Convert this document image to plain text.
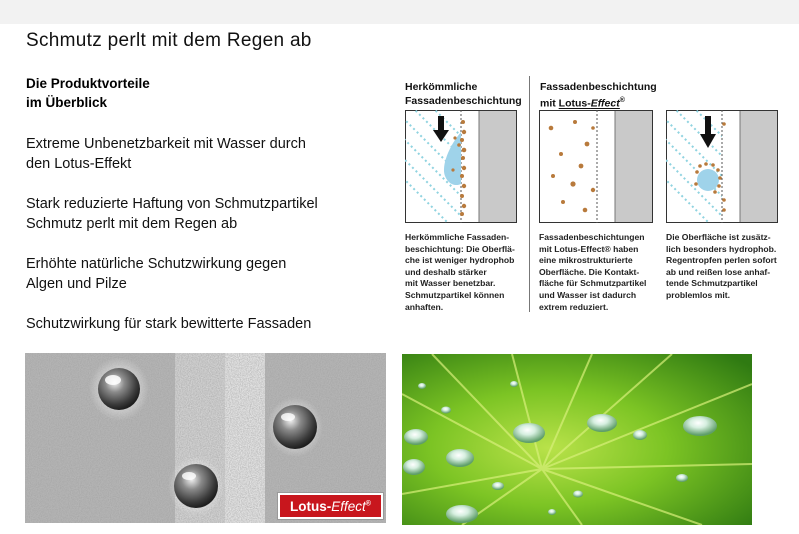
Schmutz perlt mit dem Regen ab
Die Produktvorteile
im Überblick
Extreme Unbenetzbarkeit mit Wasser durch
den Lotus-Effekt
Stark reduzierte Haftung von Schmutzpartikel
Schmutz perlt mit dem Regen ab
Erhöhte natürliche Schutzwirkung gegen
Algen und Pilze
Schutzwirkung für stark bewitterte Fassaden
Herkömmliche
Fassadenbeschichtung
Fassadenbeschichtung
mit Lotus-Effect®
Herkömmliche Fassaden-
beschichtung: Die Oberflä-
che ist weniger hydrophob
und deshalb stärker
mit Wasser benetzbar.
Schmutzpartikel können
anhaften.
Fassadenbeschichtungen
mit Lotus-Effect® haben
eine mikrostrukturierte
Oberfläche. Die Kontakt-
fläche für Schmutzpartikel
und Wasser ist dadurch
extrem reduziert.
Die Oberfläche ist zusätz-
lich besonders hydrophob.
Regentropfen perlen sofort
ab und reißen lose anhaf-
tende Schmutzpartikel
problemlos mit.
Lotus-Effect®
